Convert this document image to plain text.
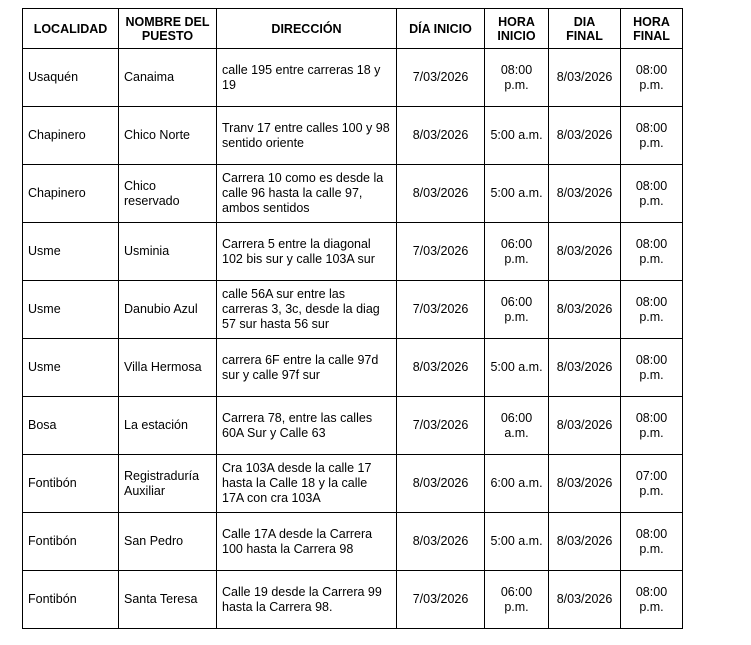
LOCALIDAD	NOMBRE DEL PUESTO	DIRECCIÓN	DÍA INICIO	HORA INICIO	DIA FINAL	HORA FINAL
Usaquén	Canaima	calle 195 entre carreras 18 y 19	7/03/2026	08:00 p.m.	8/03/2026	08:00 p.m.
Chapinero	Chico Norte	Tranv 17 entre calles 100 y 98 sentido oriente	8/03/2026	5:00 a.m.	8/03/2026	08:00 p.m.
Chapinero	Chico reservado	Carrera 10 como es desde la calle 96 hasta la calle 97, ambos sentidos	8/03/2026	5:00 a.m.	8/03/2026	08:00 p.m.
Usme	Usminia	Carrera 5 entre la diagonal 102 bis sur y calle 103A sur	7/03/2026	06:00 p.m.	8/03/2026	08:00 p.m.
Usme	Danubio Azul	calle 56A sur entre las carreras 3, 3c, desde la diag 57 sur hasta 56 sur	7/03/2026	06:00 p.m.	8/03/2026	08:00 p.m.
Usme	Villa Hermosa	carrera 6F entre la calle 97d sur y calle 97f sur	8/03/2026	5:00 a.m.	8/03/2026	08:00 p.m.
Bosa	La estación	Carrera 78, entre las calles 60A Sur y Calle 63	7/03/2026	06:00 a.m.	8/03/2026	08:00 p.m.
Fontibón	Registraduría Auxiliar	Cra 103A desde la calle 17 hasta la Calle 18 y la calle 17A con cra 103A	8/03/2026	6:00 a.m.	8/03/2026	07:00 p.m.
Fontibón	San Pedro	Calle 17A desde la Carrera 100 hasta la Carrera 98	8/03/2026	5:00 a.m.	8/03/2026	08:00 p.m.
Fontibón	Santa Teresa	Calle 19 desde la Carrera 99 hasta la Carrera 98.	7/03/2026	06:00 p.m.	8/03/2026	08:00 p.m.
